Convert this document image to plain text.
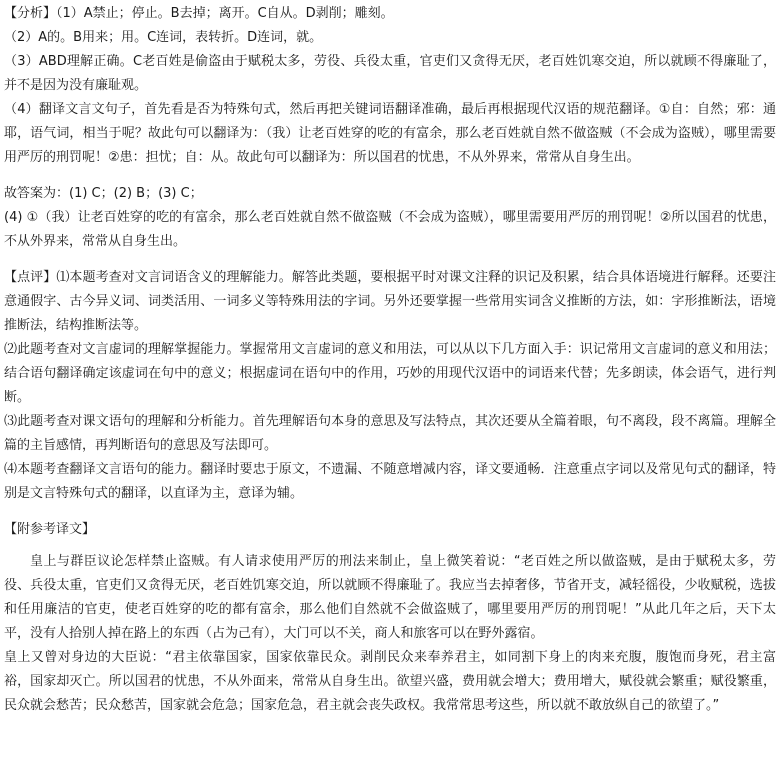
【分析】（1）A禁止；停止。B去掉；离开。C自从。D剥削；雕刻。

（2）A的。B用来；用。C连词，表转折。D连词，就。

（3）ABD理解正确。C老百姓是偷盗由于赋税太多，劳役、兵役太重，官吏们又贪得无厌，老百姓饥寒交迫，所以就顾不得廉耻了，并不是因为没有廉耻观。

（4）翻译文言文句子，首先看是否为特殊句式，然后再把关键词语翻译准确，最后再根据现代汉语的规范翻译。①自：自然；邪：通耶，语气词，相当于呢？故此句可以翻译为：（我）让老百姓穿的吃的有富余，那么老百姓就自然不做盗贼（不会成为盗贼），哪里需要用严厉的刑罚呢！②患：担忧；自：从。故此句可以翻译为：所以国君的忧患，不从外界来，常常从自身生出。

故答案为：(1) C；(2) B；(3) C；

(4) ①（我）让老百姓穿的吃的有富余，那么老百姓就自然不做盗贼（不会成为盗贼），哪里需要用严厉的刑罚呢！②所以国君的忧患，不从外界来，常常从自身生出。

【点评】⑴本题考查对文言词语含义的理解能力。解答此类题，要根据平时对课文注释的识记及积累，结合具体语境进行解释。还要注意通假字、古今异义词、词类活用、一词多义等特殊用法的字词。另外还要掌握一些常用实词含义推断的方法，如：字形推断法，语境推断法，结构推断法等。

⑵此题考查对文言虚词的理解掌握能力。掌握常用文言虚词的意义和用法，可以从以下几方面入手：识记常用文言虚词的意义和用法；结合语句翻译确定该虚词在句中的意义；根据虚词在语句中的作用，巧妙的用现代汉语中的词语来代替；先多朗读，体会语气，进行判断。

⑶此题考查对课文语句的理解和分析能力。首先理解语句本身的意思及写法特点，其次还要从全篇着眼，句不离段，段不离篇。理解全篇的主旨感情，再判断语句的意思及写法即可。

⑷本题考查翻译文言语句的能力。翻译时要忠于原文，不遗漏、不随意增减内容，译文要通畅．注意重点字词以及常见句式的翻译，特别是文言特殊句式的翻译，以直译为主，意译为辅。

【附参考译文】

皇上与群臣议论怎样禁止盗贼。有人请求使用严厉的刑法来制止，皇上微笑着说：“老百姓之所以做盗贼，是由于赋税太多，劳役、兵役太重，官吏们又贪得无厌，老百姓饥寒交迫，所以就顾不得廉耻了。我应当去掉奢侈，节省开支，减轻徭役，少收赋税，选拔和任用廉洁的官吏，使老百姓穿的吃的都有富余，那么他们自然就不会做盗贼了，哪里要用严厉的刑罚呢！”从此几年之后，天下太平，没有人拾别人掉在路上的东西（占为己有），大门可以不关，商人和旅客可以在野外露宿。

皇上又曾对身边的大臣说：“君主依靠国家，国家依靠民众。剥削民众来奉养君主，如同割下身上的肉来充腹，腹饱而身死，君主富裕，国家却灭亡。所以国君的忧患，不从外面来，常常从自身生出。欲望兴盛，费用就会增大；费用增大，赋役就会繁重；赋役繁重，民众就会愁苦；民众愁苦，国家就会危急；国家危急，君主就会丧失政权。我常常思考这些，所以就不敢放纵自己的欲望了。”
